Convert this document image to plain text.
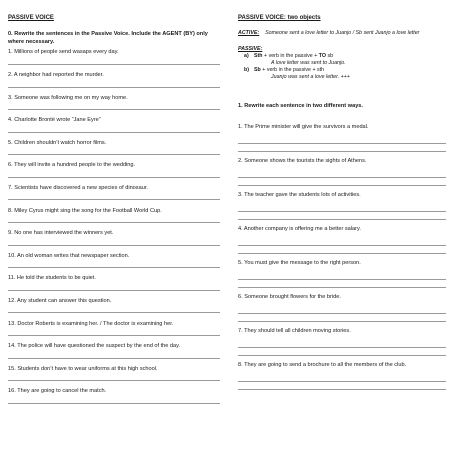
PASSIVE VOICE
0. Rewrite the sentences in the Passive Voice. Include the AGENT (BY) only where necessary.
1. Millions of people send wasaps every day.
2. A neighbor had reported the murder.
3. Someone was following me on my way home.
4. Charlotte Brontë wrote “Jane Eyre”
5. Children shouldn’t watch horror films.
6. They will invite a hundred people to the wedding.
7. Scientists have discovered a new species of dinosaur.
8. Miley Cyrus might sing the song for the Football World Cup.
9. No one has interviewed the winners yet.
10. An old woman writes that newspaper section.
11. He told the students to be quiet.
12. Any student can answer this question.
13. Doctor Roberts is examining her. / The doctor is examining her.
14. The police will have questioned the suspect by the end of the day.
15. Students don’t have to wear uniforms at this high school.
16. They are going to cancel the match.
PASSIVE VOICE: two objects
ACTIVE: Someone sent a love letter to Juanjo / Sb sent Juanjo a love letter
PASSIVE:
a) Sth + verb in the passive + TO sb
A love letter was sent to Juanjo.
b) Sb + verb in the passive + sth
Juanjo was sent a love letter. +++
1. Rewrite each sentence in two different ways.
1. The Prime minister will give the survivors a medal.
2. Someone shows the tourists the sights of Athens.
3. The teacher gave the students lots of activities.
4. Another company is offering me a better salary.
5. You must give the message to the right person.
6. Someone brought flowers for the bride.
7. They should tell all children moving stories.
8. They are going to send a brochure to all the members of the club.
